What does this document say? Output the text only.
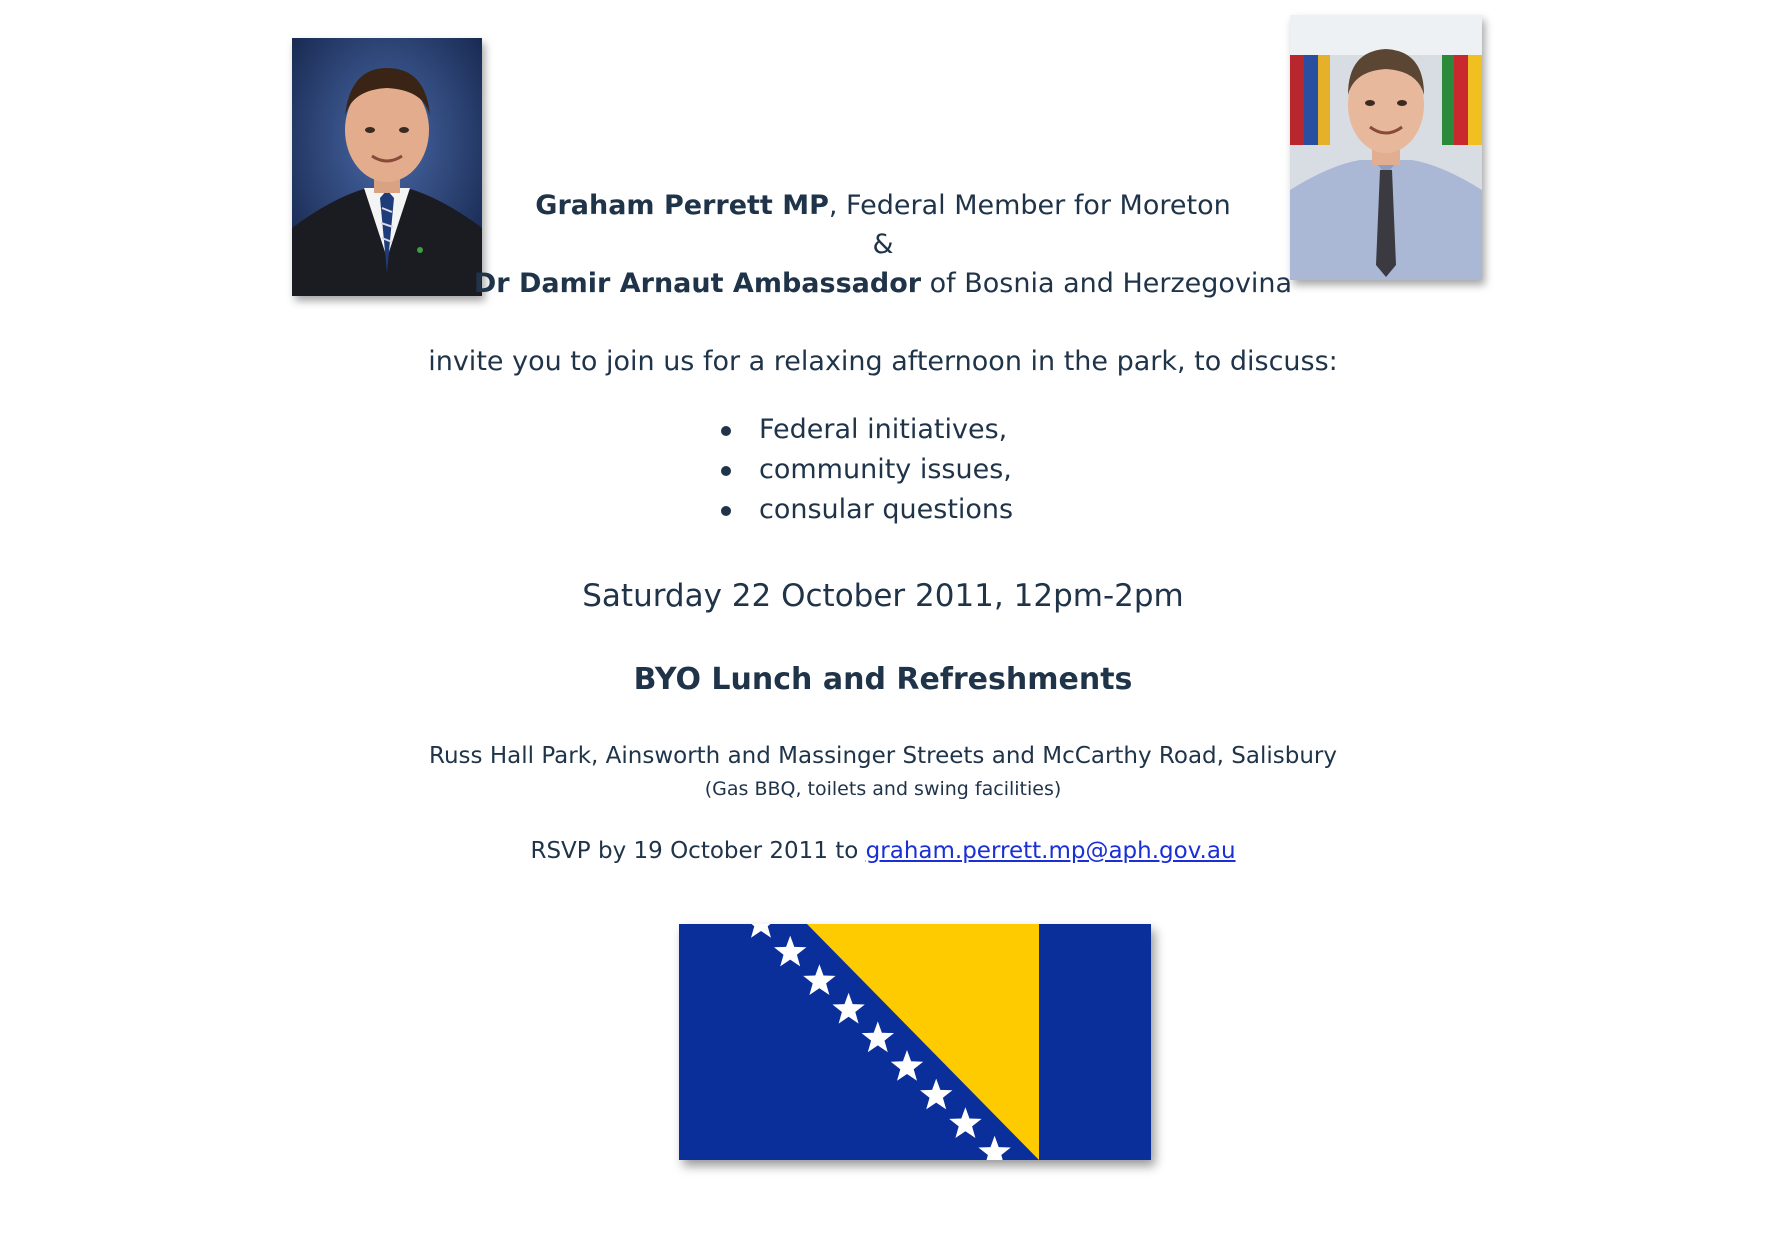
Graham Perrett MP, Federal Member for Moreton
&
Dr Damir Arnaut Ambassador of Bosnia and Herzegovina
invite you to join us for a relaxing afternoon in the park, to discuss:
Federal initiatives,
community issues,
consular questions
Saturday 22 October 2011, 12pm-2pm
BYO Lunch and Refreshments
Russ Hall Park, Ainsworth and Massinger Streets and McCarthy Road, Salisbury
(Gas BBQ, toilets and swing facilities)
RSVP by 19 October 2011 to graham.perrett.mp@aph.gov.au
